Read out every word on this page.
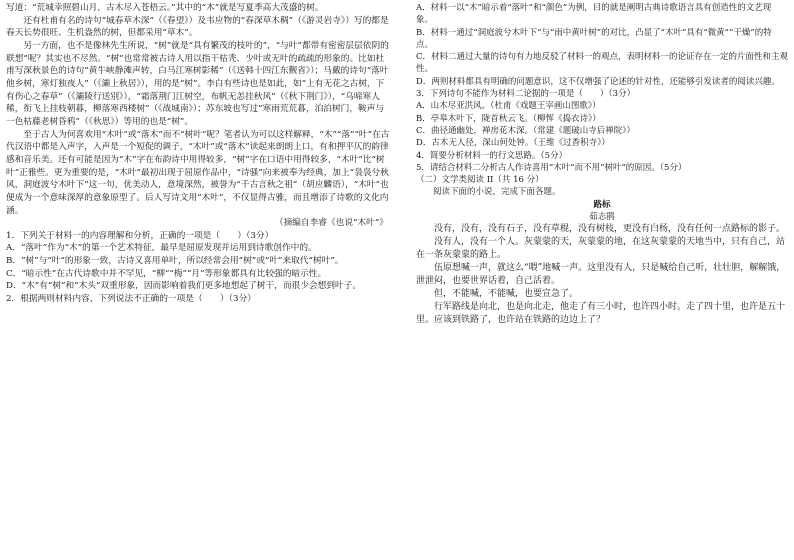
写道：“荒城幸照碧山月，古木尽入苍梧云。”其中的“木”就是写夏季高大茂盛的树。

还有杜甫有名的诗句“城春草木深”（《春望》）及韦应物的“春深草木稠”（《游灵岩寺》）写的都是春天长势很旺、生机盎然的树，但都采用“草木”。

另一方面，也不是像林先生所说，“树”就是“具有繁茂的枝叶的”，“与叶”都带有密密层层依阴的联想”呢？其实也不尽然。“树”也常常被古诗人用以指干枯秃、少叶或无叶的疏疏的形象的。比如杜甫写深秋景色的诗句“黄牛峡静滩声转，白马江寒树影稀”（《送韩十四江东觐省》）；马戴的诗句“落叶他乡树，寒灯独夜人”（《灞上秋居》），用的是“树”。李白有些诗也是如此，如“上有无花之古树，下有伤心之春草”（《灞陵行送别》），“霜落荆门江树空，布帆无恙挂秋风”（《秋下荆门》），“乌啼寒人稀，衔飞上挂枝朝暮，柳落寒西楼树”（《战城南》）；苏东坡也写过“寒雨荒荒暮，泊泊树门，鞍声与一色枯藤老树昏鸦”（《秋思》）等用的也是“树”。

至于古人为何喜欢用“木叶”或“落木”而不“树叶”呢？笔者认为可以这样解释，“木”“落”“叶”在古代汉语中都是入声字，入声是一个短促的调子，“木叶”或“落木”读起来朗朗上口，有和押平仄的韵律感和音乐美。还有可能是因为“木”字在布韵诗中用得较多，“树”字在口语中用得较多，“木叶”比“树叶”正雅些。更为重要的是，“木叶”最初出现于屈原作品中，“诗骚”向来被奉为经典，加上“袅袅兮秋风，洞庭波兮木叶下”这一句，优美动人，意境深然，被誉为“千古言秋之祖”（胡应麟语），“木叶”也便成为一个意味深厚的意象原型了。后人写诗文用“木叶”，不仅显得古雅，而且增添了诗歌的文化内涵。

（摘编自李睿《也说“木叶”》

1．下列关于材料一的内容理解和分析，正确的一项是（　　）（3分）

A．“落叶”作为“木”的第一个艺术特征，最早是屈原发现并运用到诗歌创作中的。
B．“树”与“叶”的形象一致，古诗又喜用单叶，所以经常会用“树”或“叶”来取代“树叶”。
C．“暗示性”在古代诗歌中并不罕见，“柳”“梅”“月”等形象都具有比较强的暗示性。
D．“木”有“树”和“木头”双重形象，因而影响着我们更多地想起了树干，而很少会想到叶子。

2．根据两则材料内容，下列说法不正确的一项是（　　）（3分）

A．材料一以“木”暗示着“落叶”和“颜色”为例，目的就是阐明古典诗歌语言具有创造性的文艺现象。
B．材料一通过“洞庭波兮木叶下”与“雨中黄叶树”的对比，凸显了“木叶”具有“微黄”“干燥”的特点。
C．材料二通过大量的诗句有力地反驳了材料一的观点，表明材料一的论证存在一定的片面性和主观性。
D．两则材料都具有明确的问题意识，这不仅增强了论述的针对性，还能够引发读者的阅读兴趣。

3．下列诗句不能作为材料二论据的一项是（　　）（3分）

A．山木尽亚洪风。（杜甫《戏题王宰画山图歌》）
B．亭皋木叶下，陇首秋云飞。（柳恽《捣衣诗》）
C．曲径通幽处，禅房花木深。（常建《题破山寺后禅院》）
D．古木无人径，深山何处钟。（王维《过香积寺》）

4．简要分析材料一的行文思路。（5分）

5．请结合材料二分析古人作诗喜用“木叶”而不用“树叶”的原因。（5分）

（二）文学类阅读 II（共 16 分）

阅读下面的小说，完成下面各题。

路标

茹志鹃

没有，没有，没有石子，没有草棍，没有树枝，更没有白杨，没有任何一点路标的影子。

没有人，没有一个人。灰蒙蒙的天，灰蒙蒙的地，在这灰蒙蒙的天地当中，只有自己，站在一条灰蒙蒙的路上。

伍原想喊一声，就这么“喂”地喊一声。这里没有人，只是喊给自己听，壮壮胆，解解饿，泄泄闷，也要世界话着，自己活着。

但，不能喊，不能喊，也要宣急了。

行军路线是向北，也是向北走，他走了有三小时，也许四小时。走了四十里，也许是五十里。应该到铁路了，也许站在铁路的边边上了？
